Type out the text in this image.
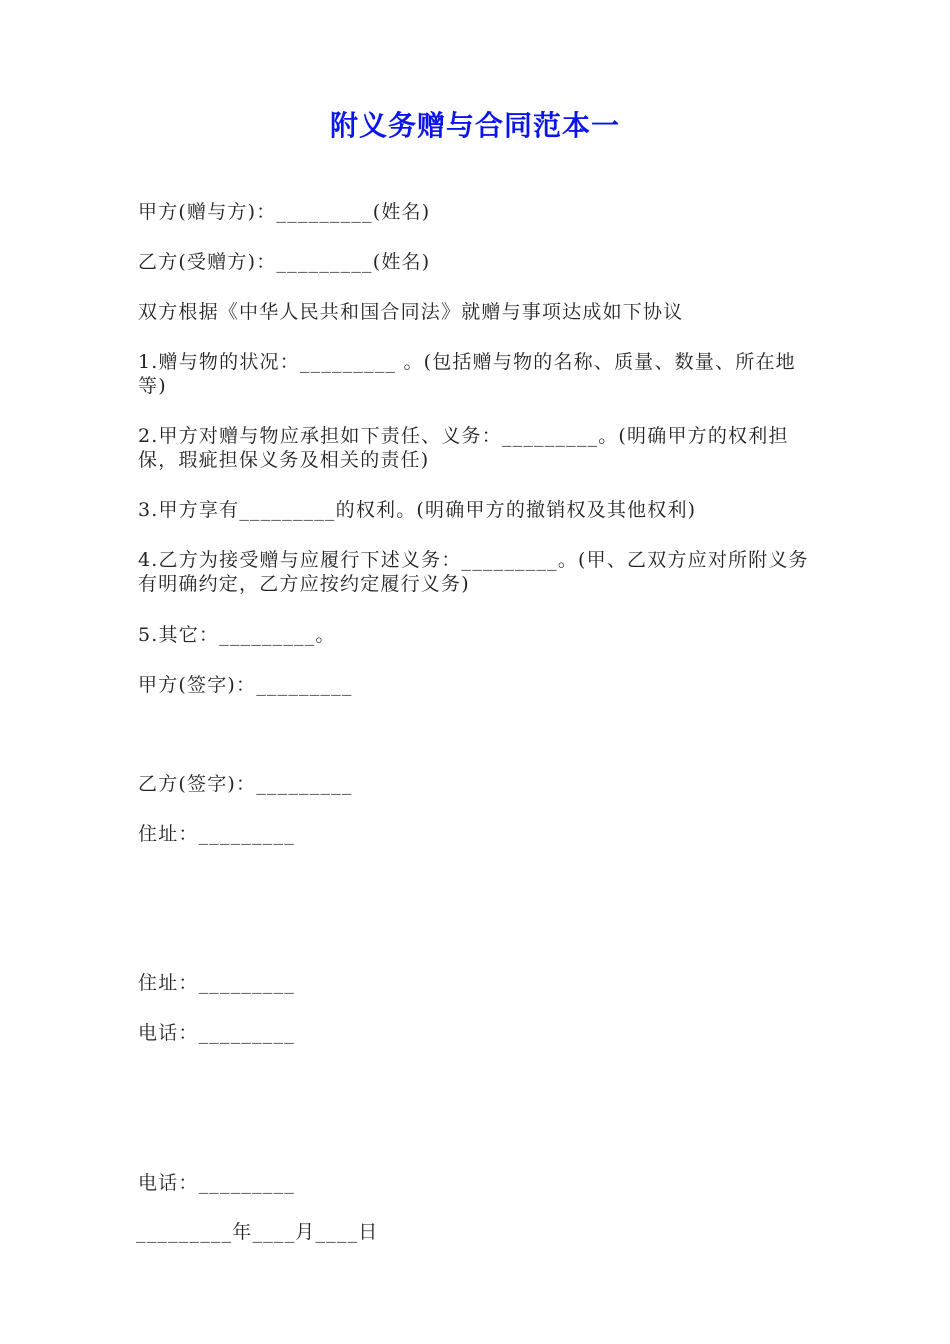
附义务赠与合同范本一
甲方(赠与方)：_________(姓名)
乙方(受赠方)：_________(姓名)
双方根据《中华人民共和国合同法》就赠与事项达成如下协议
1.赠与物的状况：_________ 。(包括赠与物的名称、质量、数量、所在地等)
2.甲方对赠与物应承担如下责任、义务：_________。(明确甲方的权利担保，瑕疵担保义务及相关的责任)
3.甲方享有_________的权利。(明确甲方的撤销权及其他权利)
4.乙方为接受赠与应履行下述义务：_________。(甲、乙双方应对所附义务有明确约定，乙方应按约定履行义务)
5.其它：_________。
甲方(签字)：_________
乙方(签字)：_________
住址：_________
住址：_________
电话：_________
电话：_________
_________年____月____日
